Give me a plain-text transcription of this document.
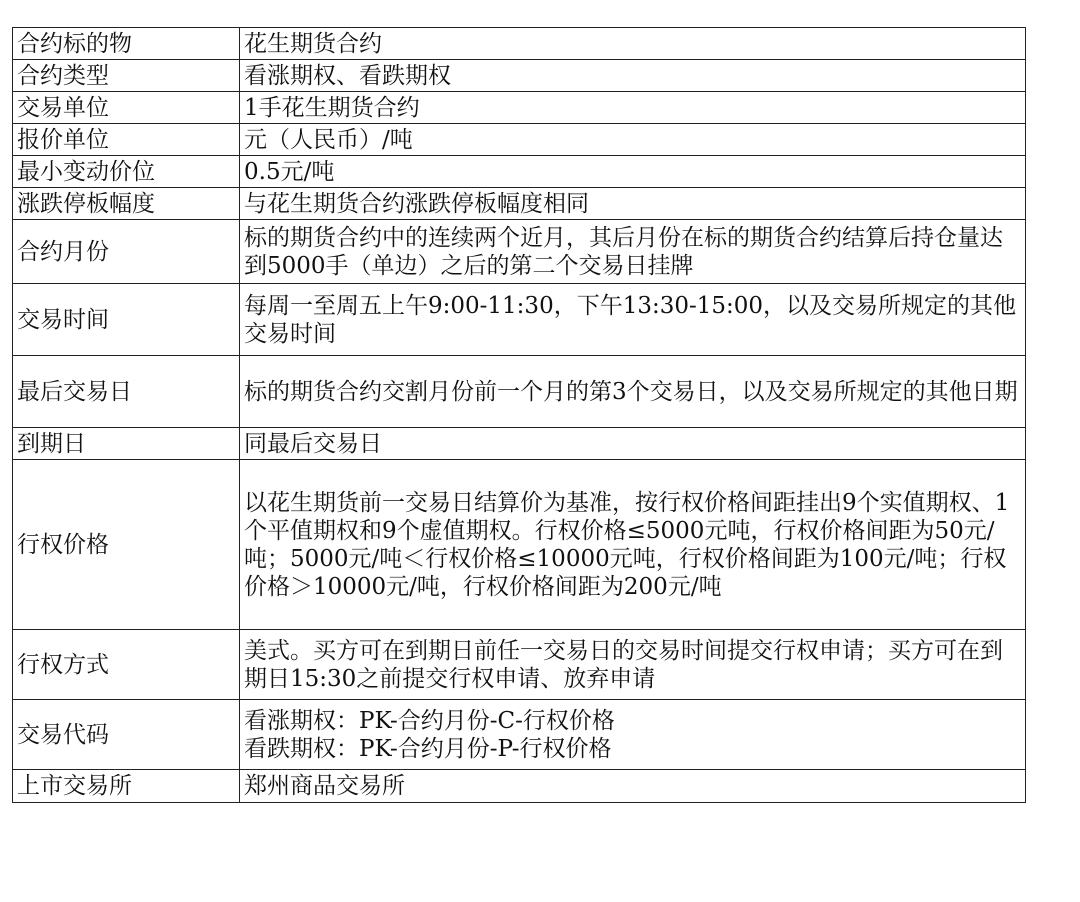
合约标的物	花生期货合约
合约类型	看涨期权、看跌期权
交易单位	1手花生期货合约
报价单位	元（人民币）/吨
最小变动价位	0.5元/吨
涨跌停板幅度	与花生期货合约涨跌停板幅度相同
合约月份	标的期货合约中的连续两个近月，其后月份在标的期货合约结算后持仓量达到5000手（单边）之后的第二个交易日挂牌
交易时间	每周一至周五上午9:00-11:30，下午13:30-15:00，以及交易所规定的其他交易时间
最后交易日	标的期货合约交割月份前一个月的第3个交易日，以及交易所规定的其他日期
到期日	同最后交易日
行权价格	以花生期货前一交易日结算价为基准，按行权价格间距挂出9个实值期权、1个平值期权和9个虚值期权。行权价格≤5000元吨，行权价格间距为50元/吨；5000元/吨＜行权价格≤10000元吨，行权价格间距为100元/吨；行权价格＞10000元/吨，行权价格间距为200元/吨
行权方式	美式。买方可在到期日前任一交易日的交易时间提交行权申请；买方可在到期日15:30之前提交行权申请、放弃申请
交易代码	看涨期权：PK-合约月份-C-行权价格
看跌期权：PK-合约月份-P-行权价格

上市交易所	郑州商品交易所
